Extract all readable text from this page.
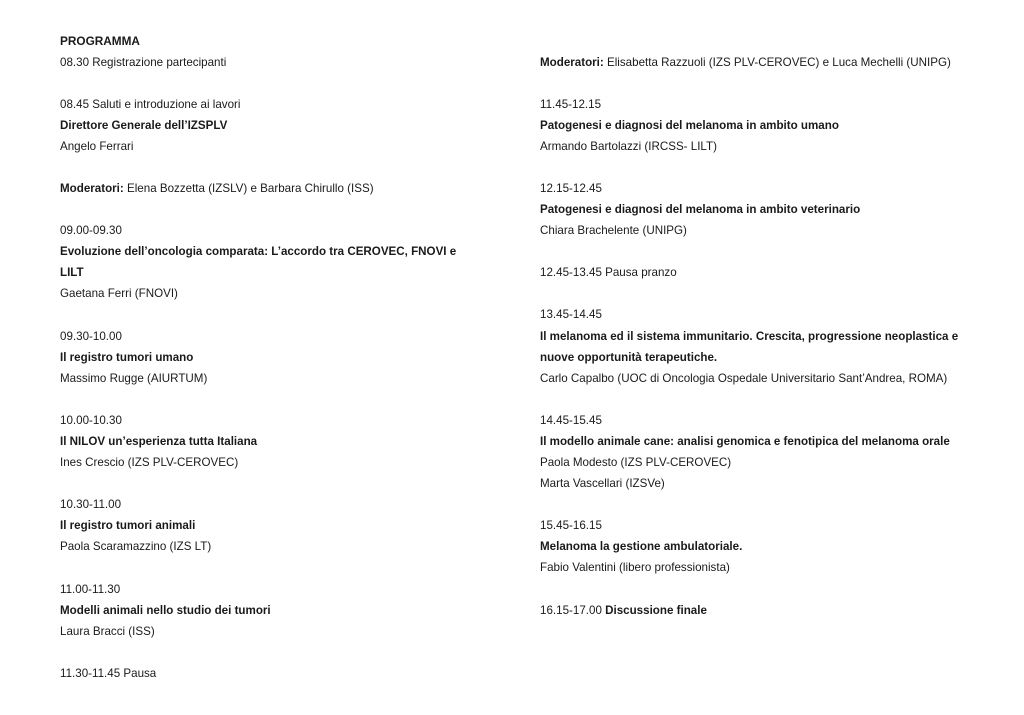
PROGRAMMA
08.30 Registrazione partecipanti
08.45 Saluti e introduzione ai lavori
Direttore Generale dell’IZSPLV
Angelo Ferrari
Moderatori: Elena Bozzetta (IZSLV) e Barbara Chirullo (ISS)
09.00-09.30
Evoluzione dell’oncologia comparata: L’accordo tra CEROVEC, FNOVI e
LILT
Gaetana Ferri (FNOVI)
09.30-10.00
Il registro tumori umano
Massimo Rugge (AIURTUM)
10.00-10.30
Il NILOV un’esperienza tutta Italiana
Ines Crescio (IZS PLV-CEROVEC)
10.30-11.00
Il registro tumori animali
Paola Scaramazzino (IZS LT)
11.00-11.30
Modelli animali nello studio dei tumori
Laura Bracci (ISS)
11.30-11.45 Pausa
Moderatori: Elisabetta Razzuoli (IZS PLV-CEROVEC) e Luca Mechelli (UNIPG)
11.45-12.15
Patogenesi e diagnosi del melanoma in ambito umano
Armando Bartolazzi (IRCSS- LILT)
12.15-12.45
Patogenesi e diagnosi del melanoma in ambito veterinario
Chiara Brachelente (UNIPG)
12.45-13.45 Pausa pranzo
13.45-14.45
Il melanoma ed il sistema immunitario. Crescita, progressione neoplastica e
nuove opportunità terapeutiche.
Carlo Capalbo (UOC di Oncologia Ospedale Universitario Sant’Andrea, ROMA)
14.45-15.45
Il modello animale cane: analisi genomica e fenotipica del melanoma orale
Paola Modesto (IZS PLV-CEROVEC)
Marta Vascellari (IZSVe)
15.45-16.15
Melanoma la gestione ambulatoriale.
Fabio Valentini (libero professionista)
16.15-17.00 Discussione finale
